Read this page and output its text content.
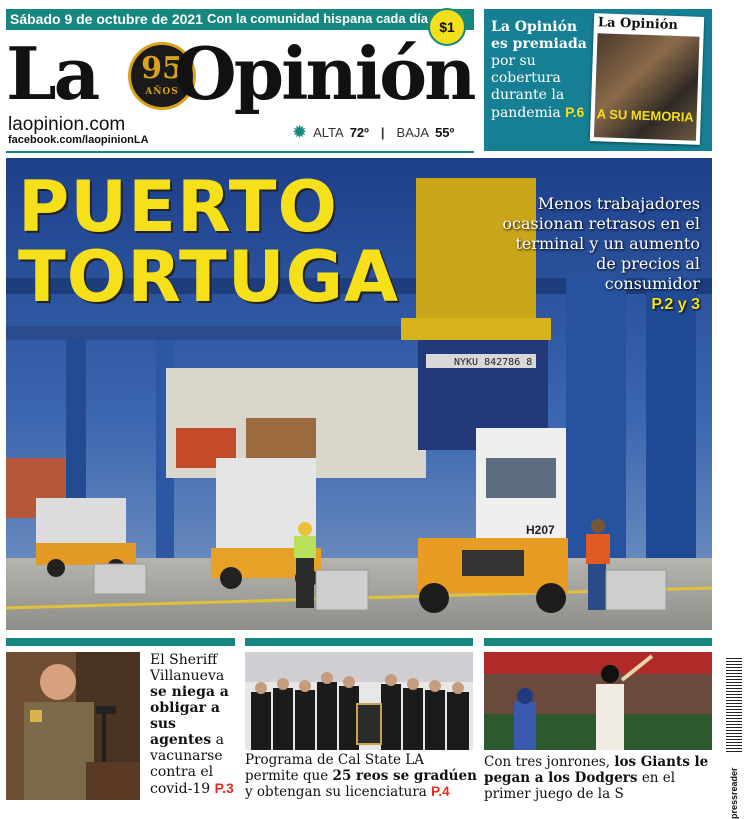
Sábado 9 de octubre de 2021 Con la comunidad hispana cada día
$1
La	95
AÑOS
Opinión
laopinion.com
facebook.com/laopinionLA	✹ ALTA 72º | BAJA 55º
La Opinión es premiada por su cobertura durante la pandemia P.6
La Opinión
A SU MEMORIA
NYKU 842786 8
H207
PUERTO
TORTUGA
Menos trabajadores ocasionan retrasos en el terminal y un aumento de precios al consumidor
P.2 y 3
El Sheriff Villanueva se niega a obligar a sus agentes a vacunarse contra el covid-19 P.3
Programa de Cal State LA permite que 25 reos se gradúen y obtengan su licenciatura P.4
Con tres jonrones, los Giants le pegan a los Dodgers en el primer juego de la S	pressreader
